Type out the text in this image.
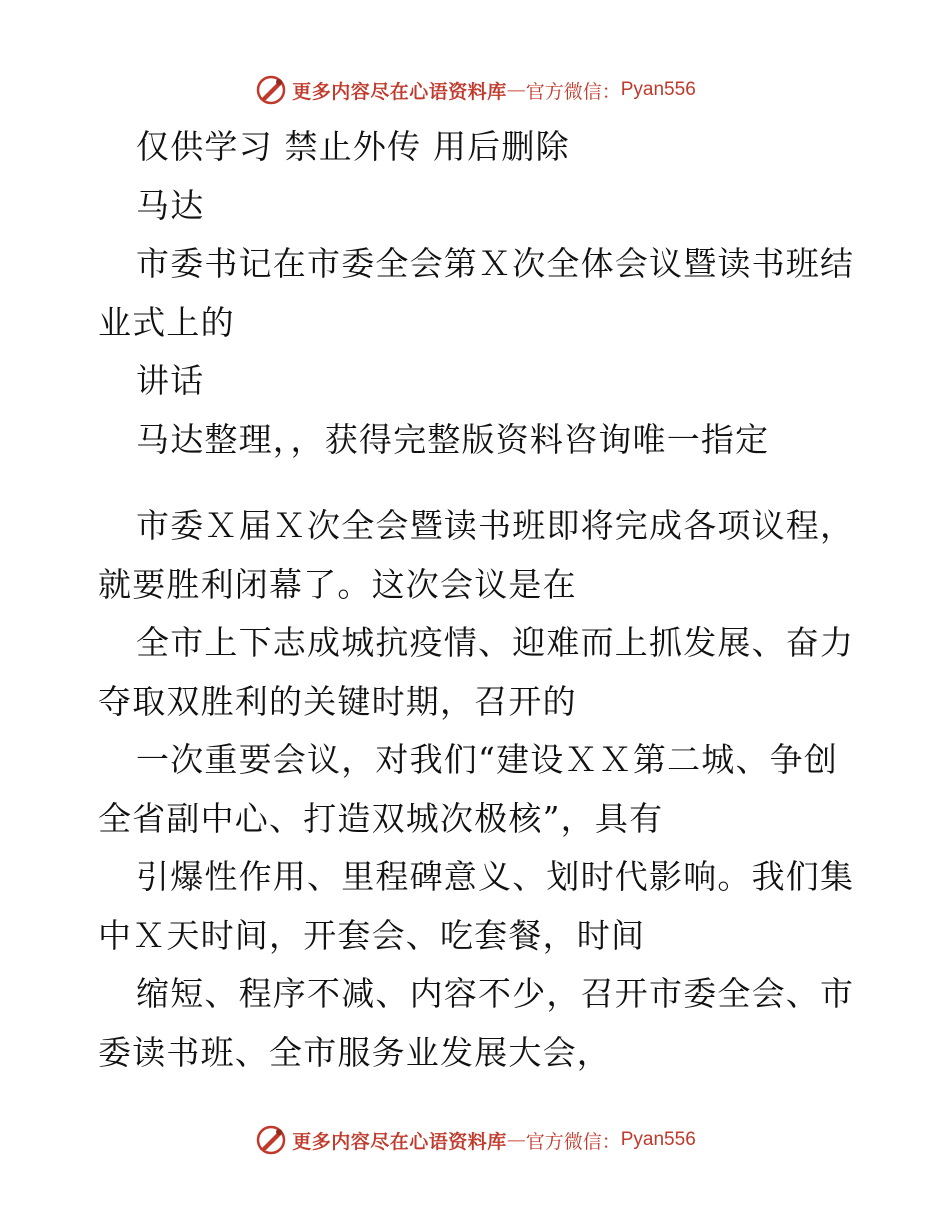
更多内容尽在心语资料库 — 官方微信： Pyan556
仅供学习 禁止外传 用后删除
马达
市委书记在市委全会第Ｘ次全体会议暨读书班结
业式上的
讲话
马达整理，，获得完整版资料咨询唯一指定
市委Ｘ届Ｘ次全会暨读书班即将完成各项议程，
就要胜利闭幕了。这次会议是在
全市上下志成城抗疫情、迎难而上抓发展、奋力
夺取双胜利的关键时期，召开的
一次重要会议，对我们“建设ＸＸ第二城、争创
全省副中心、打造双城次极核”，具有
引爆性作用、里程碑意义、划时代影响。我们集
中Ｘ天时间，开套会、吃套餐，时间
缩短、程序不减、内容不少，召开市委全会、市
委读书班、全市服务业发展大会，
更多内容尽在心语资料库 — 官方微信： Pyan556
